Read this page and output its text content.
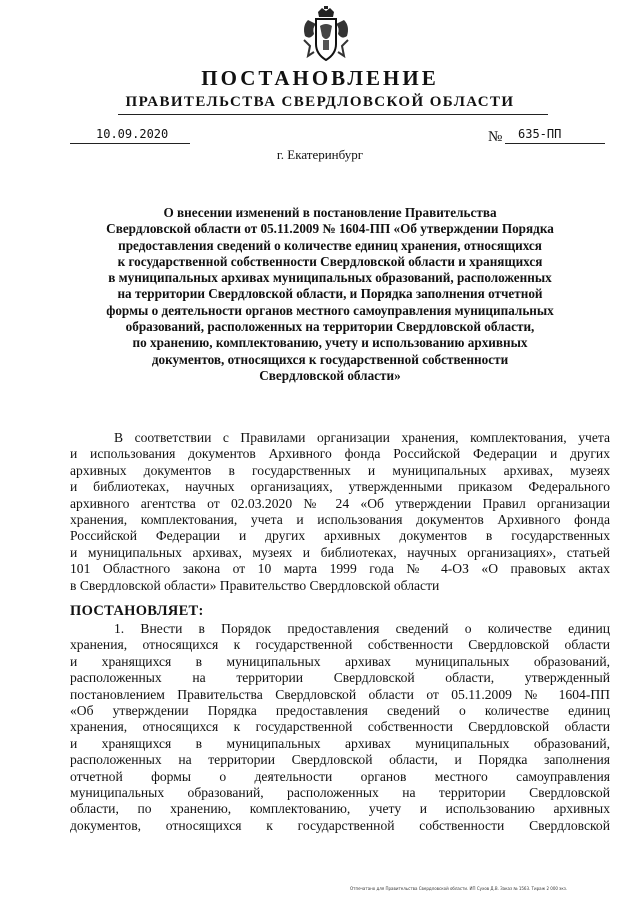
ПОСТАНОВЛЕНИЕ
ПРАВИТЕЛЬСТВА СВЕРДЛОВСКОЙ ОБЛАСТИ
10.09.2020	№ 635-ПП
г. Екатеринбург
О внесении изменений в постановление Правительства
Свердловской области от 05.11.2009 № 1604-ПП «Об утверждении Порядка
предоставления сведений о количестве единиц хранения, относящихся
к государственной собственности Свердловской области и хранящихся
в муниципальных архивах муниципальных образований, расположенных
на территории Свердловской области, и Порядка заполнения отчетной
формы о деятельности органов местного самоуправления муниципальных
образований, расположенных на территории Свердловской области,
по хранению, комплектованию, учету и использованию архивных
документов, относящихся к государственной собственности
Свердловской области»
В соответствии с Правилами организации хранения, комплектования, учета
и использования документов Архивного фонда Российской Федерации и других
архивных документов в государственных и муниципальных архивах, музеях
и библиотеках, научных организациях, утвержденными приказом Федерального
архивного агентства от 02.03.2020 № 24 «Об утверждении Правил организации
хранения, комплектования, учета и использования документов Архивного фонда
Российской Федерации и других архивных документов в государственных
и муниципальных архивах, музеях и библиотеках, научных организациях», статьей
101 Областного закона от 10 марта 1999 года № 4-ОЗ «О правовых актах
в Свердловской области» Правительство Свердловской области
ПОСТАНОВЛЯЕТ:
1. Внести в Порядок предоставления сведений о количестве единиц
хранения, относящихся к государственной собственности Свердловской области
и хранящихся в муниципальных архивах муниципальных образований,
расположенных на территории Свердловской области, утвержденный
постановлением Правительства Свердловской области от 05.11.2009 № 1604-ПП
«Об утверждении Порядка предоставления сведений о количестве единиц
хранения, относящихся к государственной собственности Свердловской области
и хранящихся в муниципальных архивах муниципальных образований,
расположенных на территории Свердловской области, и Порядка заполнения
отчетной формы о деятельности органов местного самоуправления
муниципальных образований, расположенных на территории Свердловской
области, по хранению, комплектованию, учету и использованию архивных
документов, относящихся к государственной собственности Свердловской
Отпечатано для Правительства Свердловской области. ИП Сухов Д.В. Заказ № 1563. Тираж 2 000 экз.
